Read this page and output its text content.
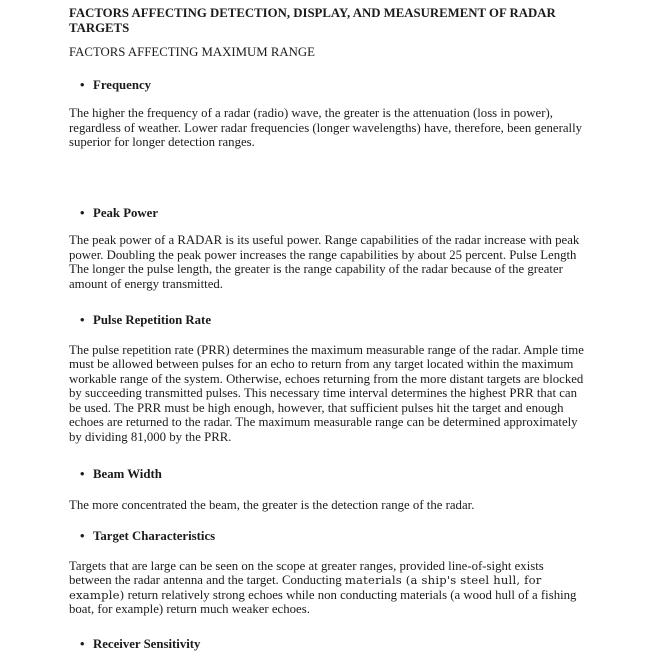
FACTORS AFFECTING DETECTION, DISPLAY, AND MEASUREMENT OF RADAR TARGETS

FACTORS AFFECTING MAXIMUM RANGE

• Frequency

The higher the frequency of a radar (radio) wave, the greater is the attenuation (loss in power), regardless of weather. Lower radar frequencies (longer wavelengths) have, therefore, been generally superior for longer detection ranges.

• Peak Power

The peak power of a RADAR is its useful power. Range capabilities of the radar increase with peak power. Doubling the peak power increases the range capabilities by about 25 percent. Pulse Length The longer the pulse length, the greater is the range capability of the radar because of the greater amount of energy transmitted.

• Pulse Repetition Rate

The pulse repetition rate (PRR) determines the maximum measurable range of the radar. Ample time must be allowed between pulses for an echo to return from any target located within the maximum workable range of the system. Otherwise, echoes returning from the more distant targets are blocked by succeeding transmitted pulses. This necessary time interval determines the highest PRR that can be used. The PRR must be high enough, however, that sufficient pulses hit the target and enough echoes are returned to the radar. The maximum measurable range can be determined approximately by dividing 81,000 by the PRR.

• Beam Width

The more concentrated the beam, the greater is the detection range of the radar.

• Target Characteristics

Targets that are large can be seen on the scope at greater ranges, provided line-of-sight exists between the radar antenna and the target. Conducting materials (a ship's steel hull, for example) return relatively strong echoes while non conducting materials (a wood hull of a fishing boat, for example) return much weaker echoes.

• Receiver Sensitivity
